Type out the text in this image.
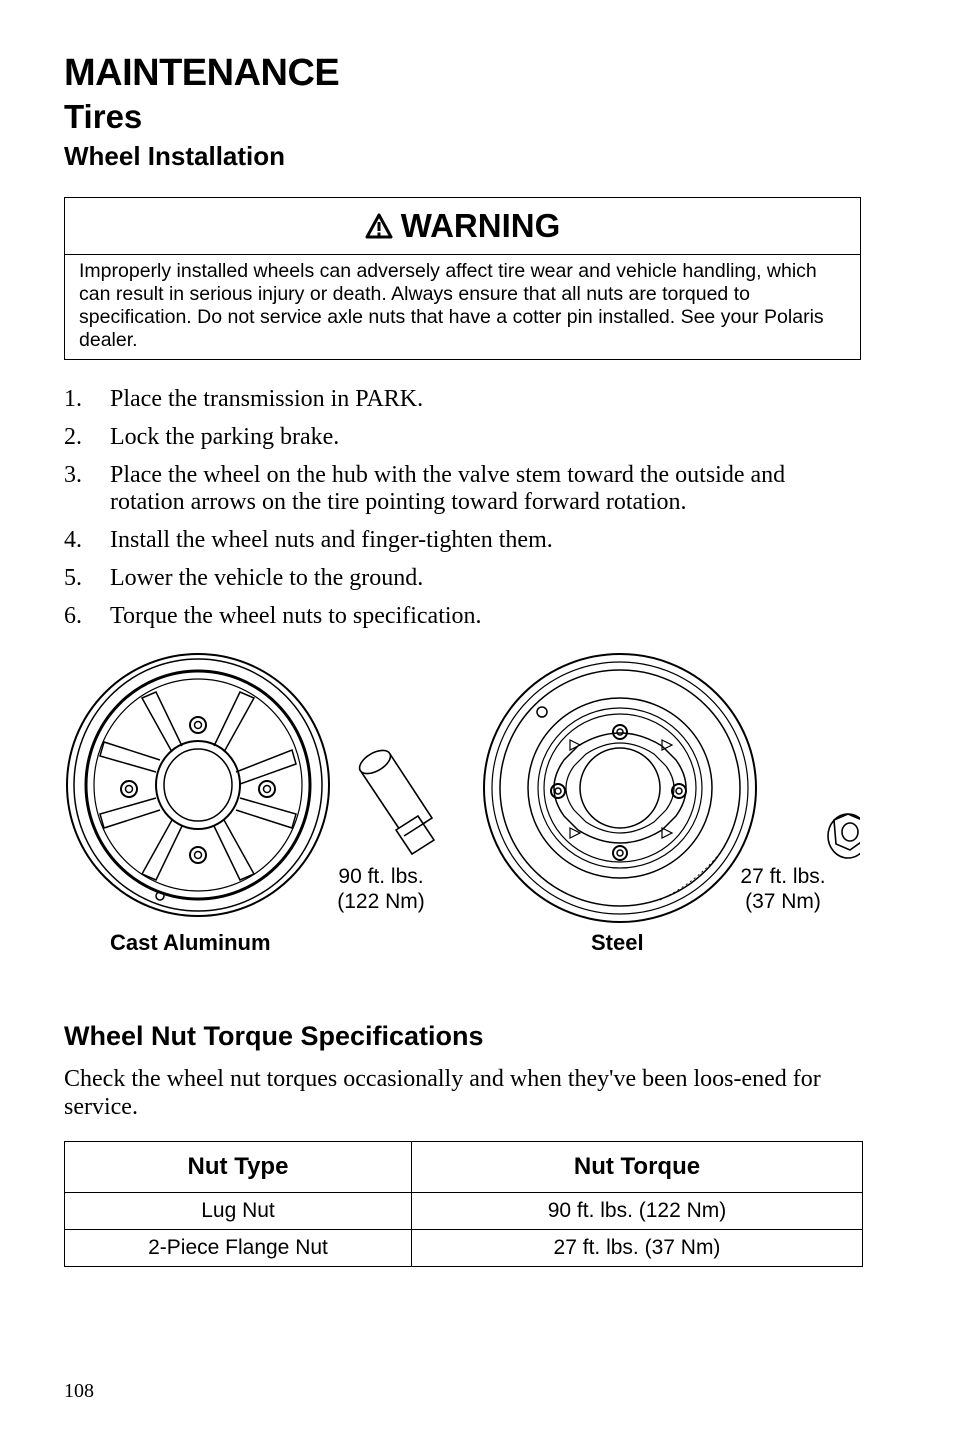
MAINTENANCE
Tires
Wheel Installation
WARNING
Improperly installed wheels can adversely affect tire wear and vehicle handling, which can result in serious injury or death. Always ensure that all nuts are torqued to specification. Do not service axle nuts that have a cotter pin installed. See your Polaris dealer.
1. Place the transmission in PARK.
2. Lock the parking brake.
3. Place the wheel on the hub with the valve stem toward the outside and rotation arrows on the tire pointing toward forward rotation.
4. Install the wheel nuts and finger-tighten them.
5. Lower the vehicle to the ground.
6. Torque the wheel nuts to specification.
90 ft. lbs.
(122 Nm)
Cast Aluminum
27 ft. lbs.
(37 Nm)
Steel
Wheel Nut Torque Specifications
Check the wheel nut torques occasionally and when they've been loos-ened for service.
Nut Type	Nut Torque
Lug Nut	90 ft. lbs. (122 Nm)
2-Piece Flange Nut	27 ft. lbs. (37 Nm)
108
